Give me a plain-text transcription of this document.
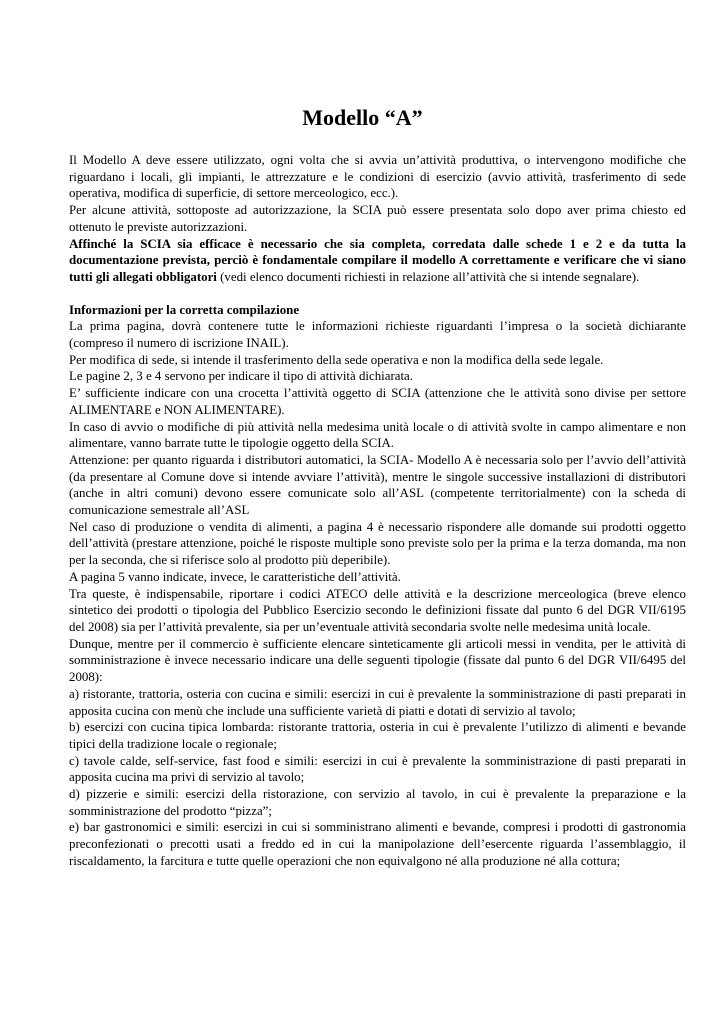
Modello “A”

Il Modello A deve essere utilizzato, ogni volta che si avvia un’attività produttiva, o intervengono modifiche che riguardano i locali, gli impianti, le attrezzature e le condizioni di esercizio (avvio attività, trasferimento di sede operativa, modifica di superficie, di settore merceologico, ecc.).

Per alcune attività, sottoposte ad autorizzazione, la SCIA può essere presentata solo dopo aver prima chiesto ed ottenuto le previste autorizzazioni.

Affinché la SCIA sia efficace è necessario che sia completa, corredata dalle schede 1 e 2 e da tutta la documentazione prevista, perciò è fondamentale compilare il modello A correttamente e verificare che vi siano tutti gli allegati obbligatori (vedi elenco documenti richiesti in relazione all’attività che si intende segnalare).

Informazioni per la corretta compilazione

La prima pagina, dovrà contenere tutte le informazioni richieste riguardanti l’impresa o la società dichiarante (compreso il numero di iscrizione INAIL).

Per modifica di sede, si intende il trasferimento della sede operativa e non la modifica della sede legale.

Le pagine 2, 3 e 4 servono per indicare il tipo di attività dichiarata.

E’ sufficiente indicare con una crocetta l’attività oggetto di SCIA (attenzione che le attività sono divise per settore ALIMENTARE e NON ALIMENTARE).

In caso di avvio o modifiche di più attività nella medesima unità locale o di attività svolte in campo alimentare e non alimentare, vanno barrate tutte le tipologie oggetto della SCIA.

Attenzione: per quanto riguarda i distributori automatici, la SCIA- Modello A è necessaria solo per l’avvio dell’attività (da presentare al Comune dove si intende avviare l’attività), mentre le singole successive installazioni di distributori (anche in altri comuni) devono essere comunicate solo all’ASL (competente territorialmente) con la scheda di comunicazione semestrale all’ASL

Nel caso di produzione o vendita di alimenti, a pagina 4 è necessario rispondere alle domande sui prodotti oggetto dell’attività (prestare attenzione, poiché le risposte multiple sono previste solo per la prima e la terza domanda, ma non per la seconda, che si riferisce solo al prodotto più deperibile).

A pagina 5 vanno indicate, invece, le caratteristiche dell’attività.

Tra queste, è indispensabile, riportare i codici ATECO delle attività e la descrizione merceologica (breve elenco sintetico dei prodotti o tipologia del Pubblico Esercizio secondo le definizioni fissate dal punto 6 del DGR VII/6195 del 2008) sia per l’attività prevalente, sia per un’eventuale attività secondaria svolte nelle medesima unità locale.

Dunque, mentre per il commercio è sufficiente elencare sinteticamente gli articoli messi in vendita, per le attività di somministrazione è invece necessario indicare una delle seguenti tipologie (fissate dal punto 6 del DGR VII/6495 del 2008):

a) ristorante, trattoria, osteria con cucina e simili: esercizi in cui è prevalente la somministrazione di pasti preparati in apposita cucina con menù che include una sufficiente varietà di piatti e dotati di servizio al tavolo;

b) esercizi con cucina tipica lombarda: ristorante trattoria, osteria in cui è prevalente l’utilizzo di alimenti e bevande tipici della tradizione locale o regionale;

c) tavole calde, self-service, fast food e simili: esercizi in cui è prevalente la somministrazione di pasti preparati in apposita cucina ma privi di servizio al tavolo;

d) pizzerie e simili: esercizi della ristorazione, con servizio al tavolo, in cui è prevalente la preparazione e la somministrazione del prodotto “pizza”;

e) bar gastronomici e simili: esercizi in cui si somministrano alimenti e bevande, compresi i prodotti di gastronomia preconfezionati o precotti usati a freddo ed in cui la manipolazione dell’esercente riguarda l’assemblaggio, il riscaldamento, la farcitura e tutte quelle operazioni che non equivalgono né alla produzione né alla cottura;
